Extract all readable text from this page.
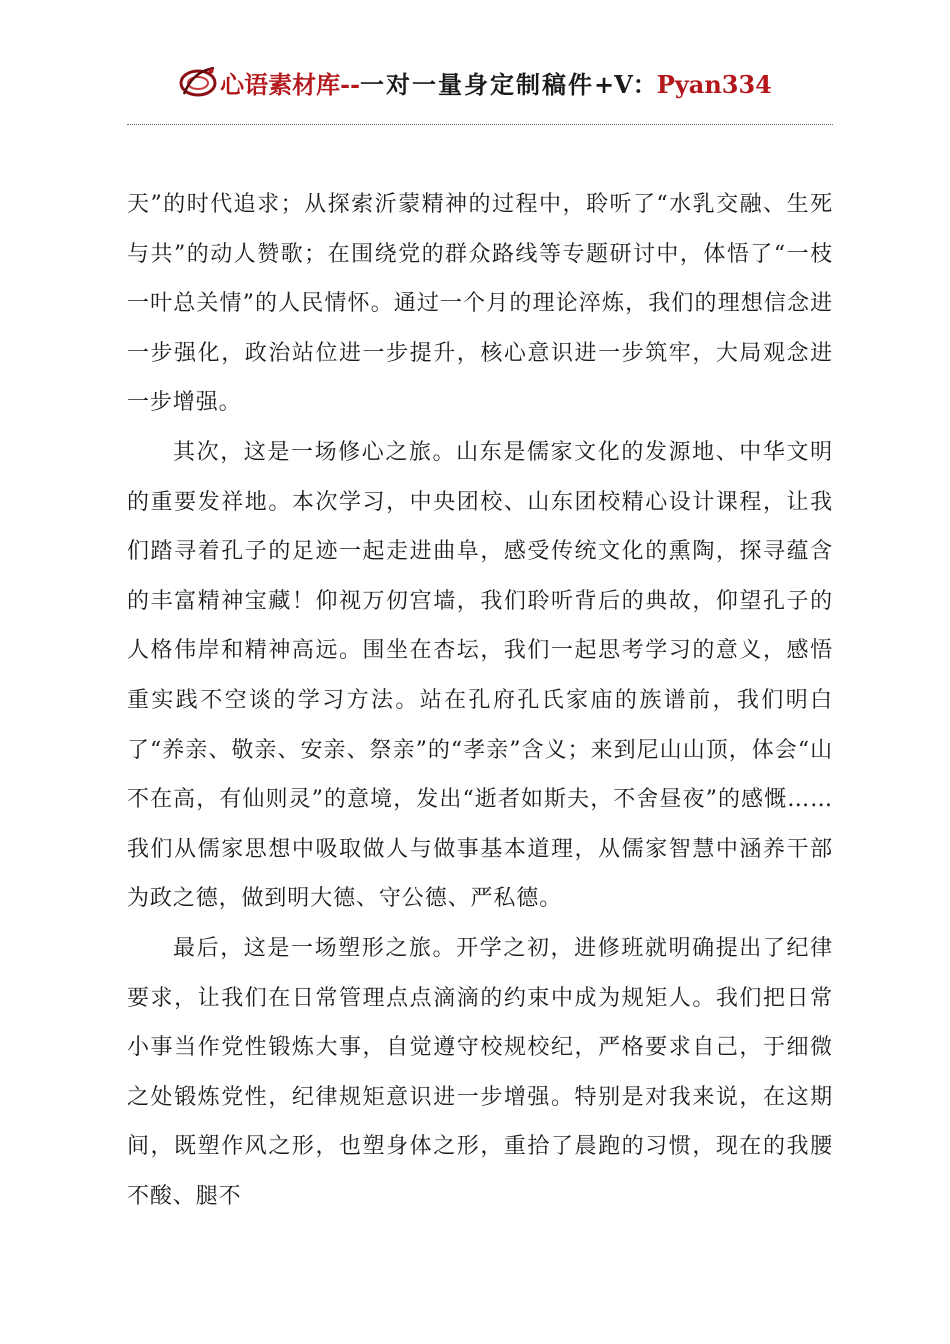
心语素材库--一对一量身定制稿件+V：Pyan334

天”的时代追求；从探索沂蒙精神的过程中，聆听了“水乳交融、生死与共”的动人赞歌；在围绕党的群众路线等专题研讨中，体悟了“一枝一叶总关情”的人民情怀。通过一个月的理论淬炼，我们的理想信念进一步强化，政治站位进一步提升，核心意识进一步筑牢，大局观念进一步增强。

其次，这是一场修心之旅。山东是儒家文化的发源地、中华文明的重要发祥地。本次学习，中央团校、山东团校精心设计课程，让我们踏寻着孔子的足迹一起走进曲阜，感受传统文化的熏陶，探寻蕴含的丰富精神宝藏！仰视万仞宫墙，我们聆听背后的典故，仰望孔子的人格伟岸和精神高远。围坐在杏坛，我们一起思考学习的意义，感悟重实践不空谈的学习方法。站在孔府孔氏家庙的族谱前，我们明白了“养亲、敬亲、安亲、祭亲”的“孝亲”含义；来到尼山山顶，体会“山不在高，有仙则灵”的意境，发出“逝者如斯夫，不舍昼夜”的感慨……我们从儒家思想中吸取做人与做事基本道理，从儒家智慧中涵养干部为政之德，做到明大德、守公德、严私德。

最后，这是一场塑形之旅。开学之初，进修班就明确提出了纪律要求，让我们在日常管理点点滴滴的约束中成为规矩人。我们把日常小事当作党性锻炼大事，自觉遵守校规校纪，严格要求自己，于细微之处锻炼党性，纪律规矩意识进一步增强。特别是对我来说，在这期间，既塑作风之形，也塑身体之形，重拾了晨跑的习惯，现在的我腰不酸、腿不
